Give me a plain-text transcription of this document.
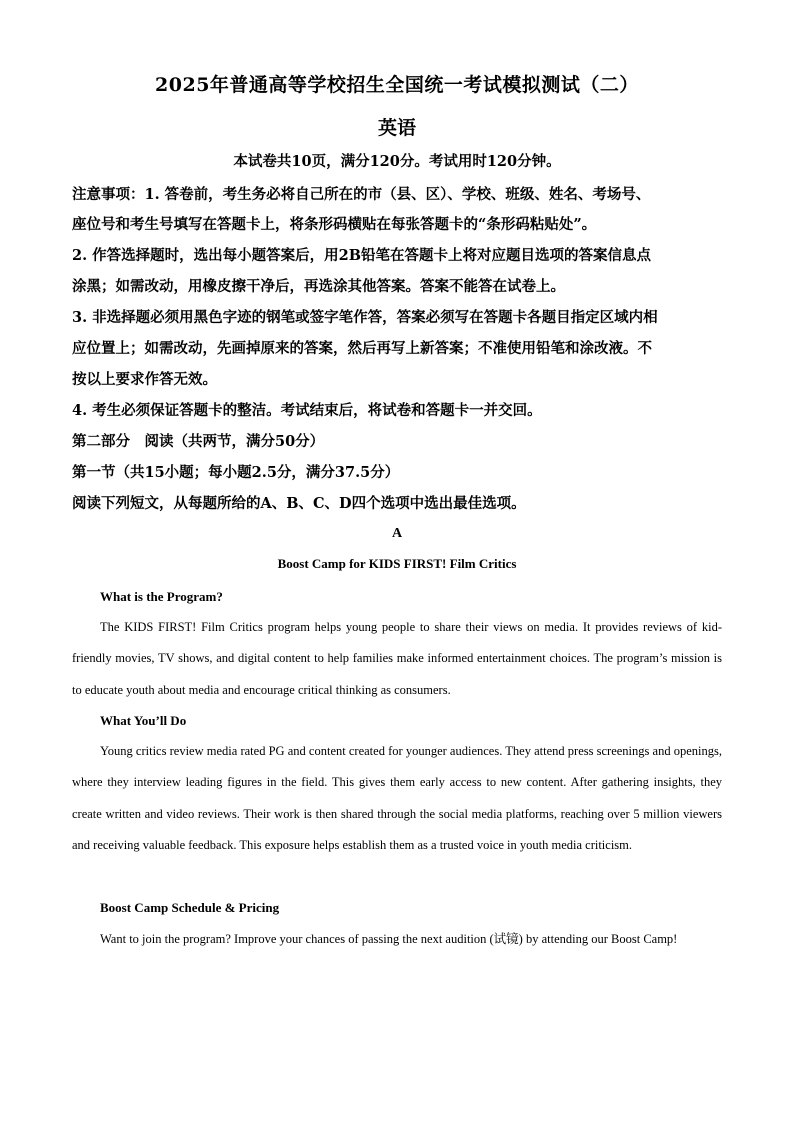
2025年普通高等学校招生全国统一考试模拟测试（二）
英语
本试卷共10页，满分120分。考试用时120分钟。
注意事项：1. 答卷前，考生务必将自己所在的市（县、区）、学校、班级、姓名、考场号、
座位号和考生号填写在答题卡上，将条形码横贴在每张答题卡的“条形码粘贴处”。
2. 作答选择题时，选出每小题答案后，用2B铅笔在答题卡上将对应题目选项的答案信息点
涂黑；如需改动，用橡皮擦干净后，再选涂其他答案。答案不能答在试卷上。
3. 非选择题必须用黑色字迹的钢笔或签字笔作答，答案必须写在答题卡各题目指定区域内相
应位置上；如需改动，先画掉原来的答案，然后再写上新答案；不准使用铅笔和涂改液。不
按以上要求作答无效。
4. 考生必须保证答题卡的整洁。考试结束后，将试卷和答题卡一并交回。
第二部分　阅读（共两节，满分50分）
第一节（共15小题；每小题2.5分，满分37.5分）
阅读下列短文，从每题所给的A、B、C、D四个选项中选出最佳选项。
A
Boost Camp for KIDS FIRST! Film Critics
What is the Program?
The KIDS FIRST! Film Critics program helps young people to share their views on media. It provides reviews of kid-friendly movies, TV shows, and digital content to help families make informed entertainment choices. The program’s mission is to educate youth about media and encourage critical thinking as consumers.
What You’ll Do
Young critics review media rated PG and content created for younger audiences. They attend press screenings and openings, where they interview leading figures in the field. This gives them early access to new content. After gathering insights, they create written and video reviews. Their work is then shared through the social media platforms, reaching over 5 million viewers and receiving valuable feedback. This exposure helps establish them as a trusted voice in youth media criticism.
Boost Camp Schedule & Pricing
Want to join the program? Improve your chances of passing the next audition (试镜) by attending our Boost Camp!
